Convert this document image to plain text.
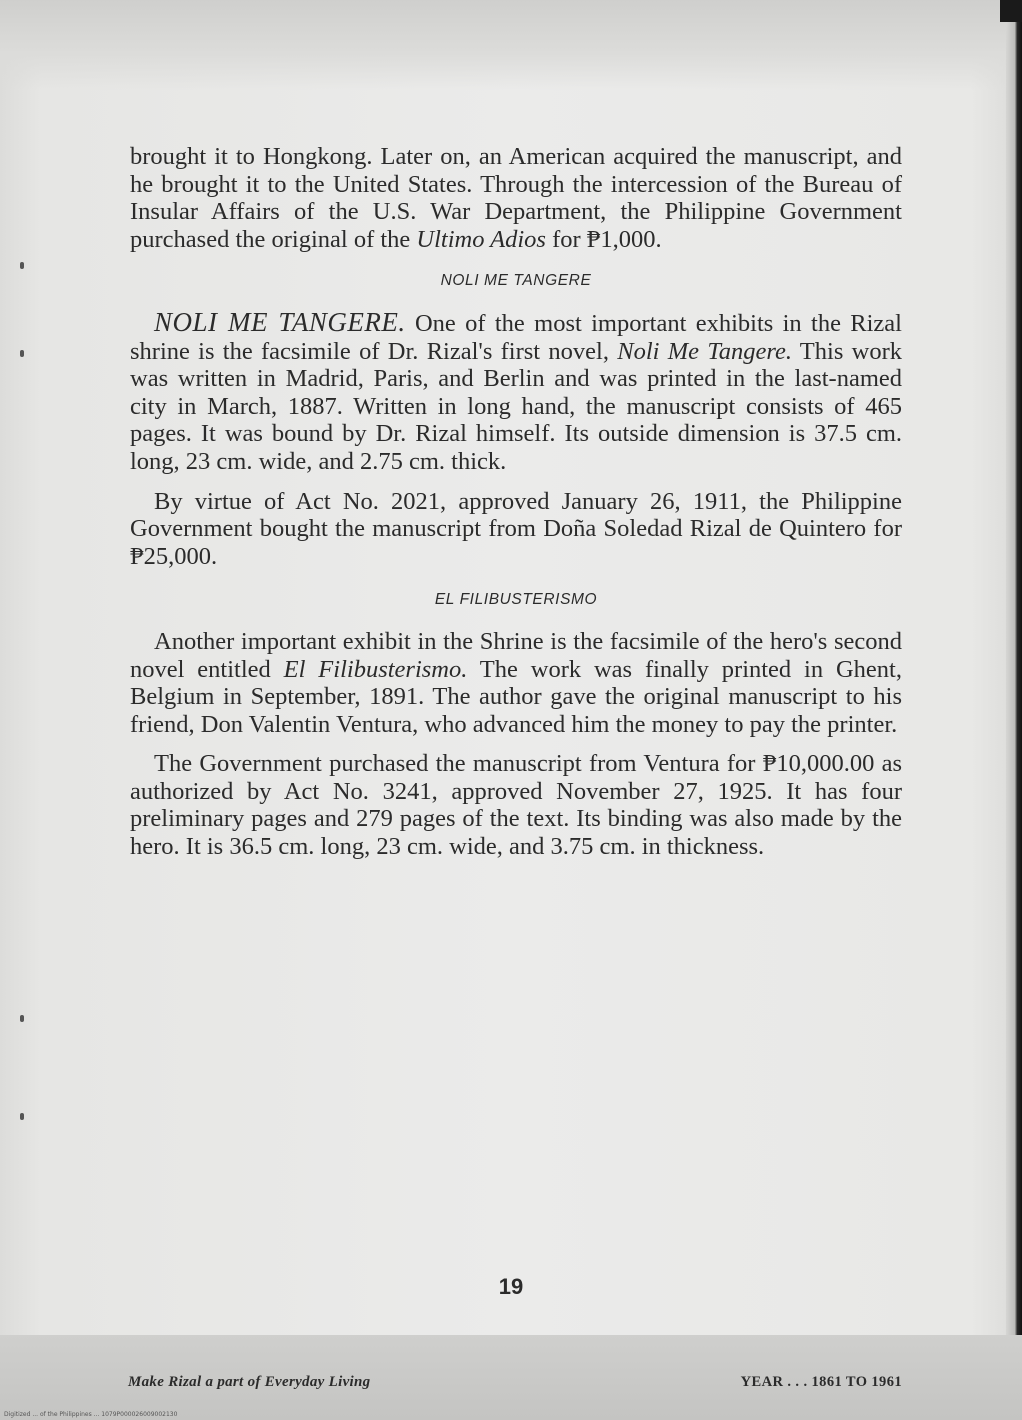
brought it to Hongkong. Later on, an American acquired the manuscript, and he brought it to the United States. Through the intercession of the Bureau of Insular Affairs of the U.S. War Department, the Philippine Government purchased the original of the Ultimo Adios for ₱1,000.

NOLI ME TANGERE

NOLI ME TANGERE. One of the most important exhibits in the Rizal shrine is the facsimile of Dr. Rizal's first novel, Noli Me Tangere. This work was written in Madrid, Paris, and Berlin and was printed in the last-named city in March, 1887. Written in long hand, the manuscript consists of 465 pages. It was bound by Dr. Rizal himself. Its outside dimension is 37.5 cm. long, 23 cm. wide, and 2.75 cm. thick.

By virtue of Act No. 2021, approved January 26, 1911, the Philippine Government bought the manuscript from Doña Soledad Rizal de Quintero for ₱25,000.

EL FILIBUSTERISMO

Another important exhibit in the Shrine is the facsimile of the hero's second novel entitled El Filibusterismo. The work was finally printed in Ghent, Belgium in September, 1891. The author gave the original manuscript to his friend, Don Valentin Ventura, who advanced him the money to pay the printer.

The Government purchased the manuscript from Ventura for ₱10,000.00 as authorized by Act No. 3241, approved November 27, 1925. It has four preliminary pages and 279 pages of the text. Its binding was also made by the hero. It is 36.5 cm. long, 23 cm. wide, and 3.75 cm. in thickness.

19
Make Rizal a part of Everyday Living	YEAR . . . 1861 TO 1961
Digitized ... of the Philippines ... 1079P000026009002130
